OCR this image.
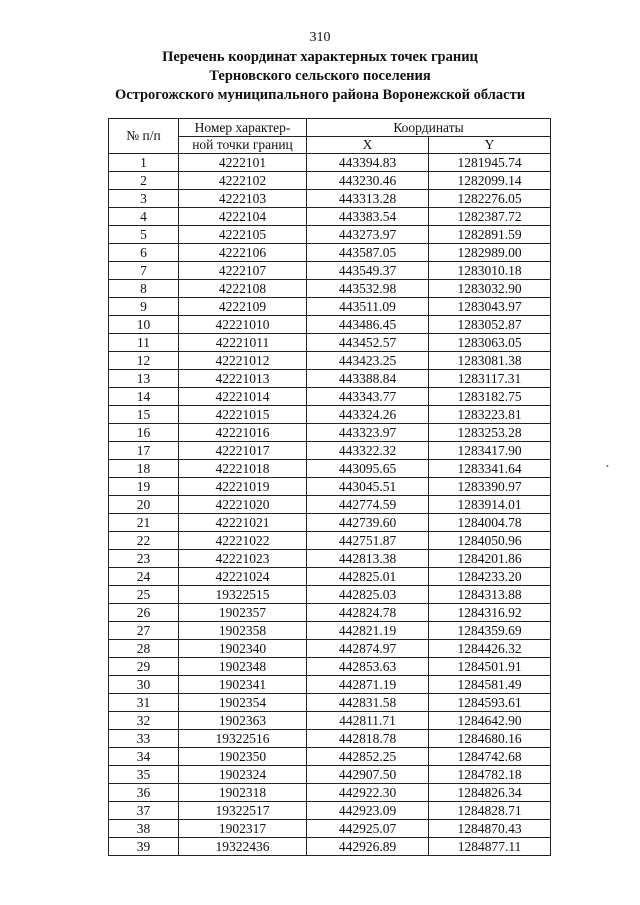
310
Перечень координат характерных точек границ
Терновского сельского поселения
Острогожского муниципального района Воронежской области
№ п/п	Номер характер-	Координаты	
	ной точки границ	X	Y
1	4222101	443394.83	1281945.74
2	4222102	443230.46	1282099.14
3	4222103	443313.28	1282276.05
4	4222104	443383.54	1282387.72
5	4222105	443273.97	1282891.59
6	4222106	443587.05	1282989.00
7	4222107	443549.37	1283010.18
8	4222108	443532.98	1283032.90
9	4222109	443511.09	1283043.97
10	42221010	443486.45	1283052.87
11	42221011	443452.57	1283063.05
12	42221012	443423.25	1283081.38
13	42221013	443388.84	1283117.31
14	42221014	443343.77	1283182.75
15	42221015	443324.26	1283223.81
16	42221016	443323.97	1283253.28
17	42221017	443322.32	1283417.90
18	42221018	443095.65	1283341.64
19	42221019	443045.51	1283390.97
20	42221020	442774.59	1283914.01
21	42221021	442739.60	1284004.78
22	42221022	442751.87	1284050.96
23	42221023	442813.38	1284201.86
24	42221024	442825.01	1284233.20
25	19322515	442825.03	1284313.88
26	1902357	442824.78	1284316.92
27	1902358	442821.19	1284359.69
28	1902340	442874.97	1284426.32
29	1902348	442853.63	1284501.91
30	1902341	442871.19	1284581.49
31	1902354	442831.58	1284593.61
32	1902363	442811.71	1284642.90
33	19322516	442818.78	1284680.16
34	1902350	442852.25	1284742.68
35	1902324	442907.50	1284782.18
36	1902318	442922.30	1284826.34
37	19322517	442923.09	1284828.71
38	1902317	442925.07	1284870.43
39	19322436	442926.89	1284877.11
•
